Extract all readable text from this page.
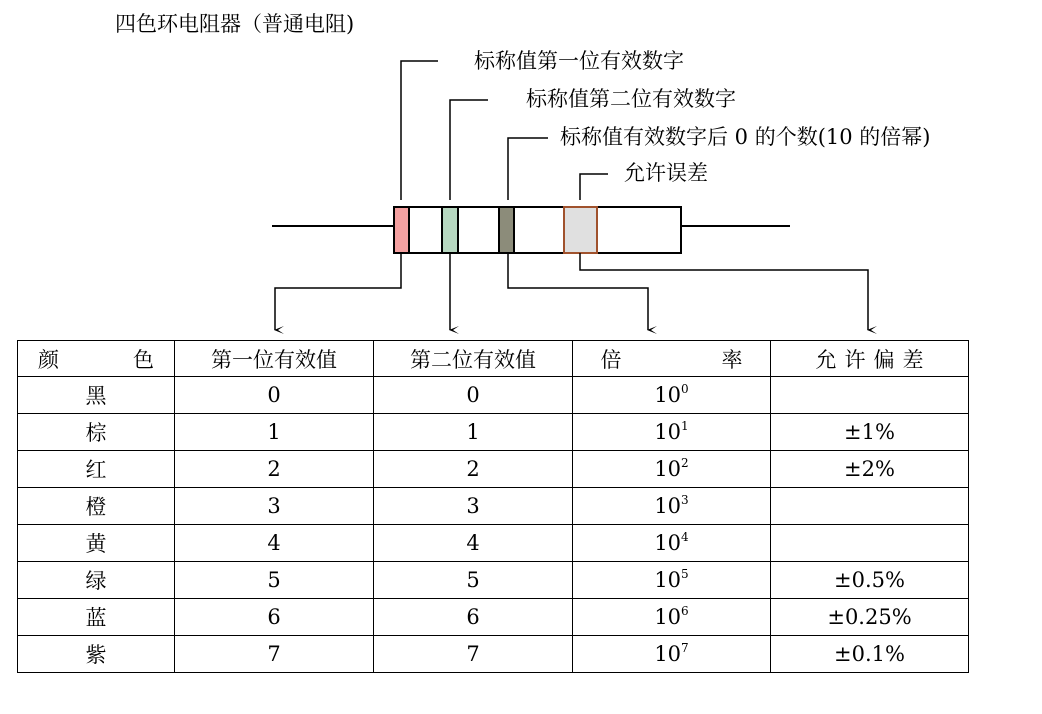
四色环电阻器（普通电阻)
标称值第一位有效数字
标称值第二位有效数字
标称值有效数字后 0 的个数(10 的倍幂)
允许误差
颜 色	第一位有效值	第二位有效值	倍 率	允 许 偏 差
黑	0	0	$10^0$	
棕	1	1	$10^1$	±1%
红	2	2	$10^2$	±2%
橙	3	3	$10^3$	
黄	4	4	$10^4$	
绿	5	5	$10^5$	±0.5%
蓝	6	6	$10^6$	±0.25%
紫	7	7	$10^7$	±0.1%
